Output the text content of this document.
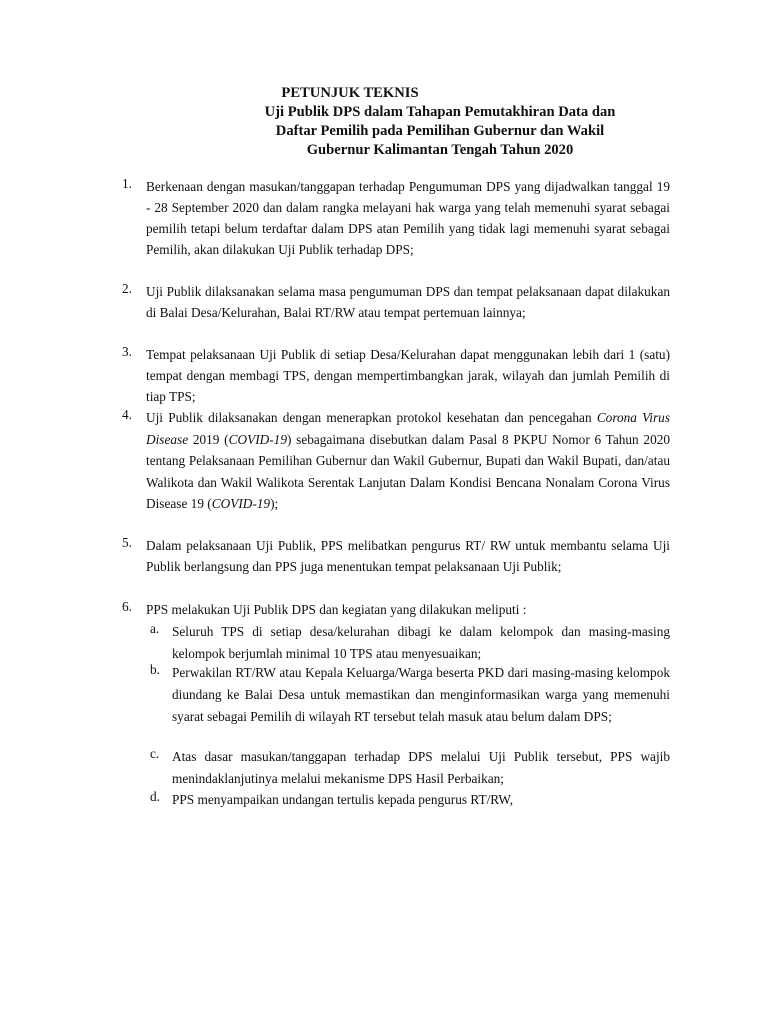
PETUNJUK TEKNIS
Uji Publik DPS dalam Tahapan Pemutakhiran Data dan
Daftar Pemilih pada Pemilihan Gubernur dan Wakil
Gubernur Kalimantan Tengah Tahun 2020
1.	Berkenaan dengan masukan/tanggapan terhadap Pengumuman DPS yang dijadwalkan tanggal 19 - 28 September 2020 dan dalam rangka melayani hak warga yang telah memenuhi syarat sebagai pemilih tetapi belum terdaftar dalam DPS atan Pemilih yang tidak lagi memenuhi syarat sebagai Pemilih, akan dilakukan Uji Publik terhadap DPS;
2.	Uji Publik dilaksanakan selama masa pengumuman DPS dan tempat pelaksanaan dapat dilakukan di Balai Desa/Kelurahan, Balai RT/RW atau tempat pertemuan lainnya;
3.	Tempat pelaksanaan Uji Publik di setiap Desa/Kelurahan dapat menggunakan lebih dari 1 (satu) tempat dengan membagi TPS, dengan mempertimbangkan jarak, wilayah dan jumlah Pemilih di tiap TPS;
4.	Uji Publik dilaksanakan dengan menerapkan protokol kesehatan dan pencegahan Corona Virus Disease 2019 (COVID-19) sebagaimana disebutkan dalam Pasal 8 PKPU Nomor 6 Tahun 2020 tentang Pelaksanaan Pemilihan Gubernur dan Wakil Gubernur, Bupati dan Wakil Bupati, dan/atau Walikota dan Wakil Walikota Serentak Lanjutan Dalam Kondisi Bencana Nonalam Corona Virus Disease 19 (COVID-19);
5.	Dalam pelaksanaan Uji Publik, PPS melibatkan pengurus RT/ RW untuk membantu selama Uji Publik berlangsung dan PPS juga menentukan tempat pelaksanaan Uji Publik;
6.	PPS melakukan Uji Publik DPS dan kegiatan yang dilakukan meliputi :
a. Seluruh TPS di setiap desa/kelurahan dibagi ke dalam kelompok dan masing-masing kelompok berjumlah minimal 10 TPS atau menyesuaikan;
b. Perwakilan RT/RW atau Kepala Keluarga/Warga beserta PKD dari masing-masing kelompok diundang ke Balai Desa untuk memastikan dan menginformasikan warga yang memenuhi syarat sebagai Pemilih di wilayah RT tersebut telah masuk atau belum dalam DPS;
c. Atas dasar masukan/tanggapan terhadap DPS melalui Uji Publik tersebut, PPS wajib menindaklanjutinya melalui mekanisme DPS Hasil Perbaikan;
d. PPS menyampaikan undangan tertulis kepada pengurus RT/RW,
